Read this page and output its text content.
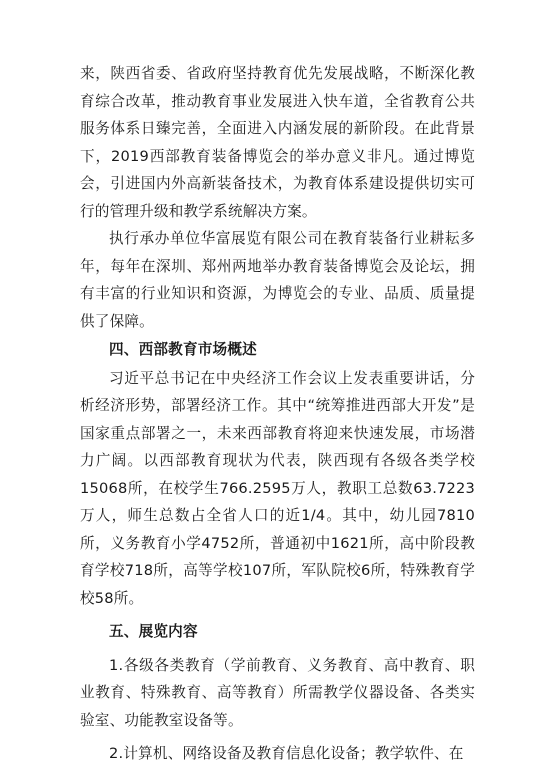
来，陕西省委、省政府坚持教育优先发展战略，不断深化教育综合改革，推动教育事业发展进入快车道，全省教育公共服务体系日臻完善，全面进入内涵发展的新阶段。在此背景下，2019西部教育装备博览会的举办意义非凡。通过博览会，引进国内外高新装备技术，为教育体系建设提供切实可行的管理升级和教学系统解决方案。

执行承办单位华富展览有限公司在教育装备行业耕耘多年，每年在深圳、郑州两地举办教育装备博览会及论坛，拥有丰富的行业知识和资源，为博览会的专业、品质、质量提供了保障。

四、西部教育市场概述

习近平总书记在中央经济工作会议上发表重要讲话，分析经济形势，部署经济工作。其中“统筹推进西部大开发”是国家重点部署之一，未来西部教育将迎来快速发展，市场潜力广阔。以西部教育现状为代表，陕西现有各级各类学校15068所，在校学生766.2595万人，教职工总数63.7223万人，师生总数占全省人口的近1/4。其中，幼儿园7810所，义务教育小学4752所，普通初中1621所，高中阶段教育学校718所，高等学校107所，军队院校6所，特殊教育学校58所。

五、展览内容

1.各级各类教育（学前教育、义务教育、高中教育、职业教育、特殊教育、高等教育）所需教学仪器设备、各类实验室、功能教室设备等。

2.计算机、网络设备及教育信息化设备；教学软件、在
